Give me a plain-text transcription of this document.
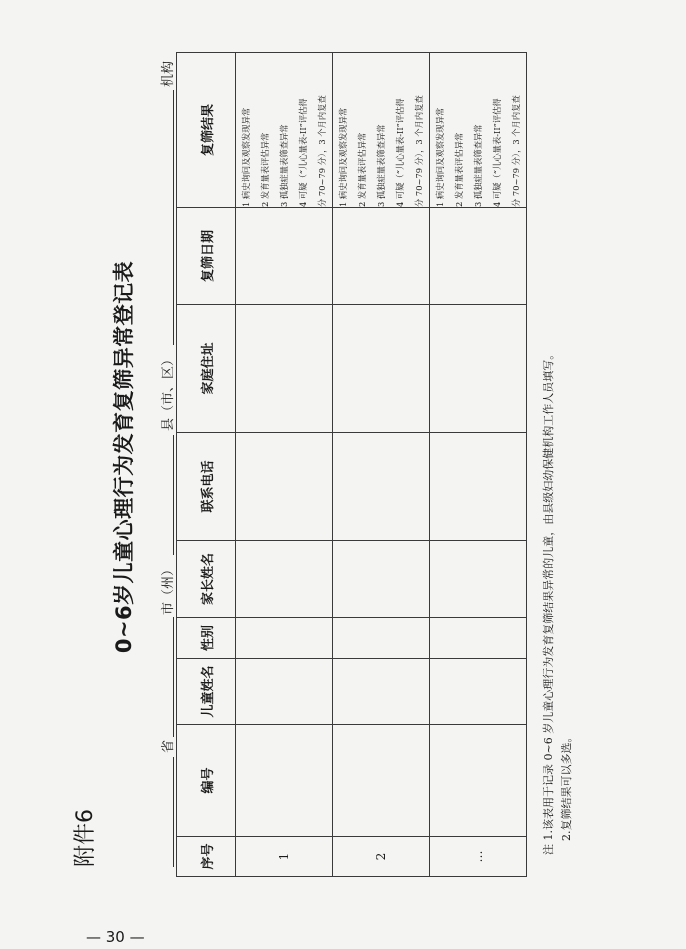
附件6
0~6岁儿童心理行为发育复筛异常登记表
省
市（州）
县（市、区）
机构
序号	编号	儿童姓名	性别	家长姓名	联系电话	家庭住址	复筛日期	复筛结果
1								1 病史询问及观察发现异常 2 发育量表评估异常 3 孤独症量表筛查异常 4 可疑（“儿心量表-II”评估得 分 70~79 分），3 个月内复查

2								1 病史询问及观察发现异常 2 发育量表评估异常 3 孤独症量表筛查异常 4 可疑（“儿心量表-II”评估得 分 70~79 分），3 个月内复查

…								1 病史询问及观察发现异常 2 发育量表评估异常 3 孤独症量表筛查异常 4 可疑（“儿心量表-II”评估得 分 70~79 分），3 个月内复查
注 1.该表用于记录 0~6 岁儿童心理行为发育复筛结果异常的儿童，由县级妇幼保健机构工作人员填写。 2.复筛结果可以多选。
— 30 —
